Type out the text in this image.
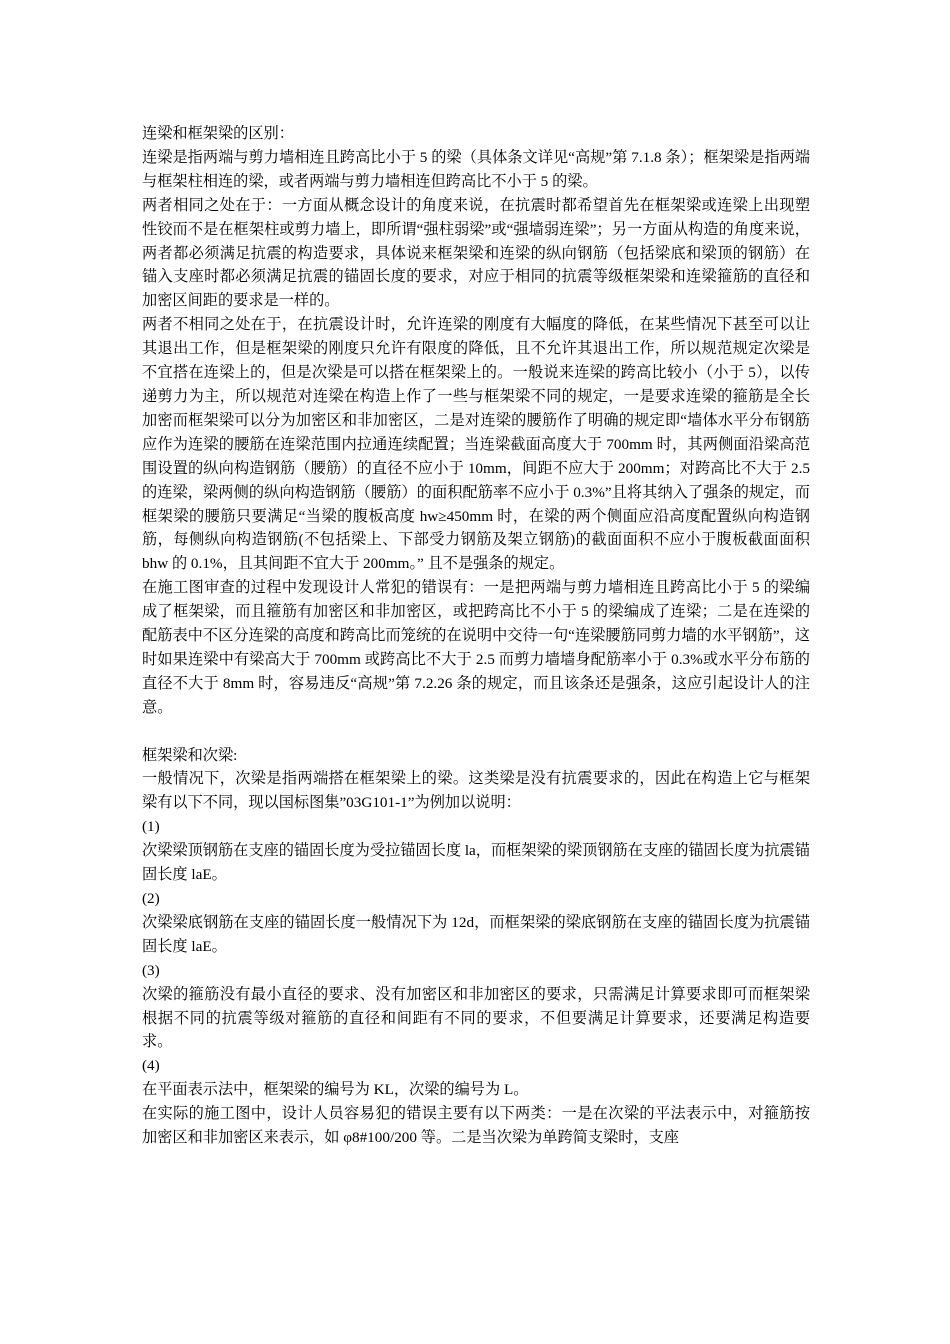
连梁和框架梁的区别：

连梁是指两端与剪力墙相连且跨高比小于 5 的梁（具体条文详见“高规”第 7.1.8 条）；框架梁是指两端与框架柱相连的梁，或者两端与剪力墙相连但跨高比不小于 5 的梁。

两者相同之处在于：一方面从概念设计的角度来说，在抗震时都希望首先在框架梁或连梁上出现塑性铰而不是在框架柱或剪力墙上，即所谓“强柱弱梁”或“强墙弱连梁”；另一方面从构造的角度来说，两者都必须满足抗震的构造要求，具体说来框架梁和连梁的纵向钢筋（包括梁底和梁顶的钢筋）在锚入支座时都必须满足抗震的锚固长度的要求，对应于相同的抗震等级框架梁和连梁箍筋的直径和加密区间距的要求是一样的。

两者不相同之处在于，在抗震设计时，允许连梁的刚度有大幅度的降低，在某些情况下甚至可以让其退出工作，但是框架梁的刚度只允许有限度的降低，且不允许其退出工作，所以规范规定次梁是不宜搭在连梁上的，但是次梁是可以搭在框架梁上的。一般说来连梁的跨高比较小（小于 5），以传递剪力为主，所以规范对连梁在构造上作了一些与框架梁不同的规定，一是要求连梁的箍筋是全长加密而框架梁可以分为加密区和非加密区，二是对连梁的腰筋作了明确的规定即“墙体水平分布钢筋应作为连梁的腰筋在连梁范围内拉通连续配置；当连梁截面高度大于 700mm 时，其两侧面沿梁高范围设置的纵向构造钢筋（腰筋）的直径不应小于 10mm，间距不应大于 200mm；对跨高比不大于 2.5 的连梁，梁两侧的纵向构造钢筋（腰筋）的面积配筋率不应小于 0.3%”且将其纳入了强条的规定，而框架梁的腰筋只要满足“当梁的腹板高度 hw≥450mm 时，在梁的两个侧面应沿高度配置纵向构造钢筋，每侧纵向构造钢筋(不包括梁上、下部受力钢筋及架立钢筋)的截面面积不应小于腹板截面面积 bhw 的 0.1%，且其间距不宜大于 200mm。” 且不是强条的规定。

在施工图审查的过程中发现设计人常犯的错误有：一是把两端与剪力墙相连且跨高比小于 5 的梁编成了框架梁，而且箍筋有加密区和非加密区，或把跨高比不小于 5 的梁编成了连梁；二是在连梁的配筋表中不区分连梁的高度和跨高比而笼统的在说明中交待一句“连梁腰筋同剪力墙的水平钢筋”，这时如果连梁中有梁高大于 700mm 或跨高比不大于 2.5 而剪力墙墙身配筋率小于 0.3%或水平分布筋的直径不大于 8mm 时，容易违反“高规”第 7.2.26 条的规定，而且该条还是强条，这应引起设计人的注意。

框架梁和次梁:

一般情况下，次梁是指两端搭在框架梁上的梁。这类梁是没有抗震要求的，因此在构造上它与框架梁有以下不同，现以国标图集”03G101-1”为例加以说明：

(1)

次梁梁顶钢筋在支座的锚固长度为受拉锚固长度 la，而框架梁的梁顶钢筋在支座的锚固长度为抗震锚固长度 laE。

(2)

次梁梁底钢筋在支座的锚固长度一般情况下为 12d，而框架梁的梁底钢筋在支座的锚固长度为抗震锚固长度 laE。

(3)

次梁的箍筋没有最小直径的要求、没有加密区和非加密区的要求，只需满足计算要求即可而框架梁根据不同的抗震等级对箍筋的直径和间距有不同的要求，不但要满足计算要求，还要满足构造要求。

(4)

在平面表示法中，框架梁的编号为 KL，次梁的编号为 L。

在实际的施工图中，设计人员容易犯的错误主要有以下两类：一是在次梁的平法表示中，对箍筋按加密区和非加密区来表示，如 φ8#100/200 等。二是当次梁为单跨简支梁时，支座
